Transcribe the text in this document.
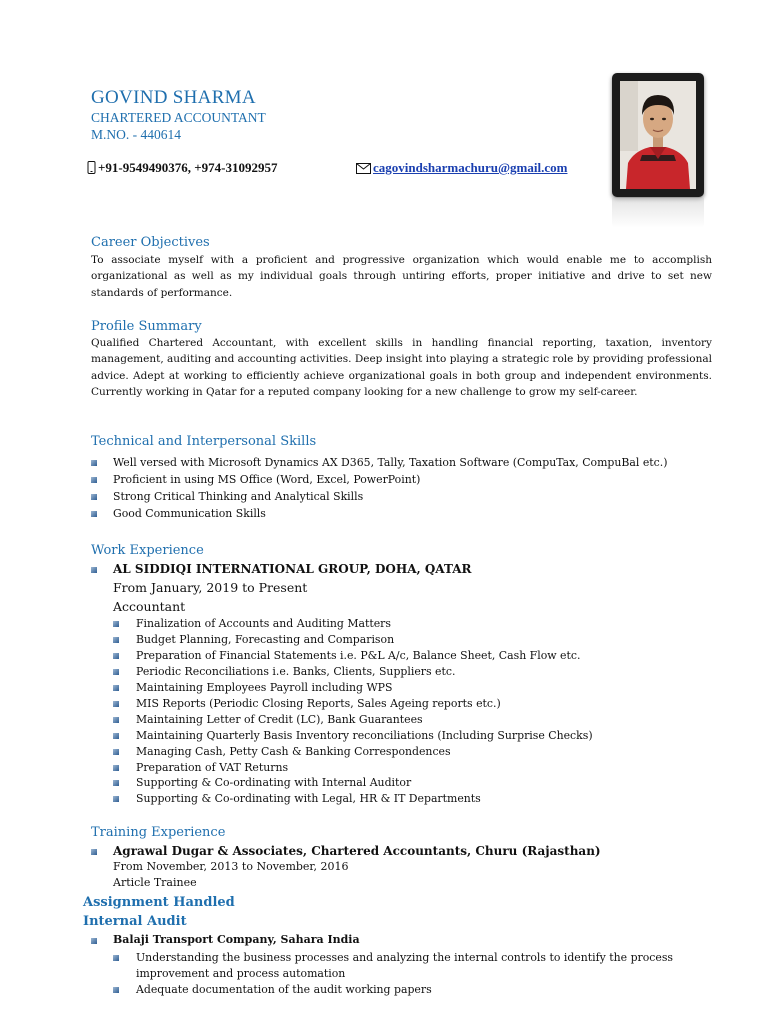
GOVIND SHARMA
CHARTERED ACCOUNTANT
M.NO. - 440614
+91-9549490376, +974-31092957	cagovindsharmachuru@gmail.com
Career Objectives
To associate myself with a proficient and progressive organization which would enable me to accomplish organizational as well as my individual goals through untiring efforts, proper initiative and drive to set new standards of performance.
Profile Summary
Qualified Chartered Accountant, with excellent skills in handling financial reporting, taxation, inventory management, auditing and accounting activities. Deep insight into playing a strategic role by providing professional advice. Adept at working to efficiently achieve organizational goals in both group and independent environments. Currently working in Qatar for a reputed company looking for a new challenge to grow my self-career.
Technical and Interpersonal Skills
Well versed with Microsoft Dynamics AX D365, Tally, Taxation Software (CompuTax, CompuBal etc.)
Proficient in using MS Office (Word, Excel, PowerPoint)
Strong Critical Thinking and Analytical Skills
Good Communication Skills
Work Experience
AL SIDDIQI INTERNATIONAL GROUP, DOHA, QATAR
From January, 2019 to Present
Accountant
Finalization of Accounts and Auditing Matters
Budget Planning, Forecasting and Comparison
Preparation of Financial Statements i.e. P&L A/c, Balance Sheet, Cash Flow etc.
Periodic Reconciliations i.e. Banks, Clients, Suppliers etc.
Maintaining Employees Payroll including WPS
MIS Reports (Periodic Closing Reports, Sales Ageing reports etc.)
Maintaining Letter of Credit (LC), Bank Guarantees
Maintaining Quarterly Basis Inventory reconciliations (Including Surprise Checks)
Managing Cash, Petty Cash & Banking Correspondences
Preparation of VAT Returns
Supporting & Co-ordinating with Internal Auditor
Supporting & Co-ordinating with Legal, HR & IT Departments
Training Experience
Agrawal Dugar & Associates, Chartered Accountants, Churu (Rajasthan)
From November, 2013 to November, 2016
Article Trainee
Assignment Handled
Internal Audit
Balaji Transport Company, Sahara India
Understanding the business processes and analyzing the internal controls to identify the process improvement and process automation
Adequate documentation of the audit working papers
